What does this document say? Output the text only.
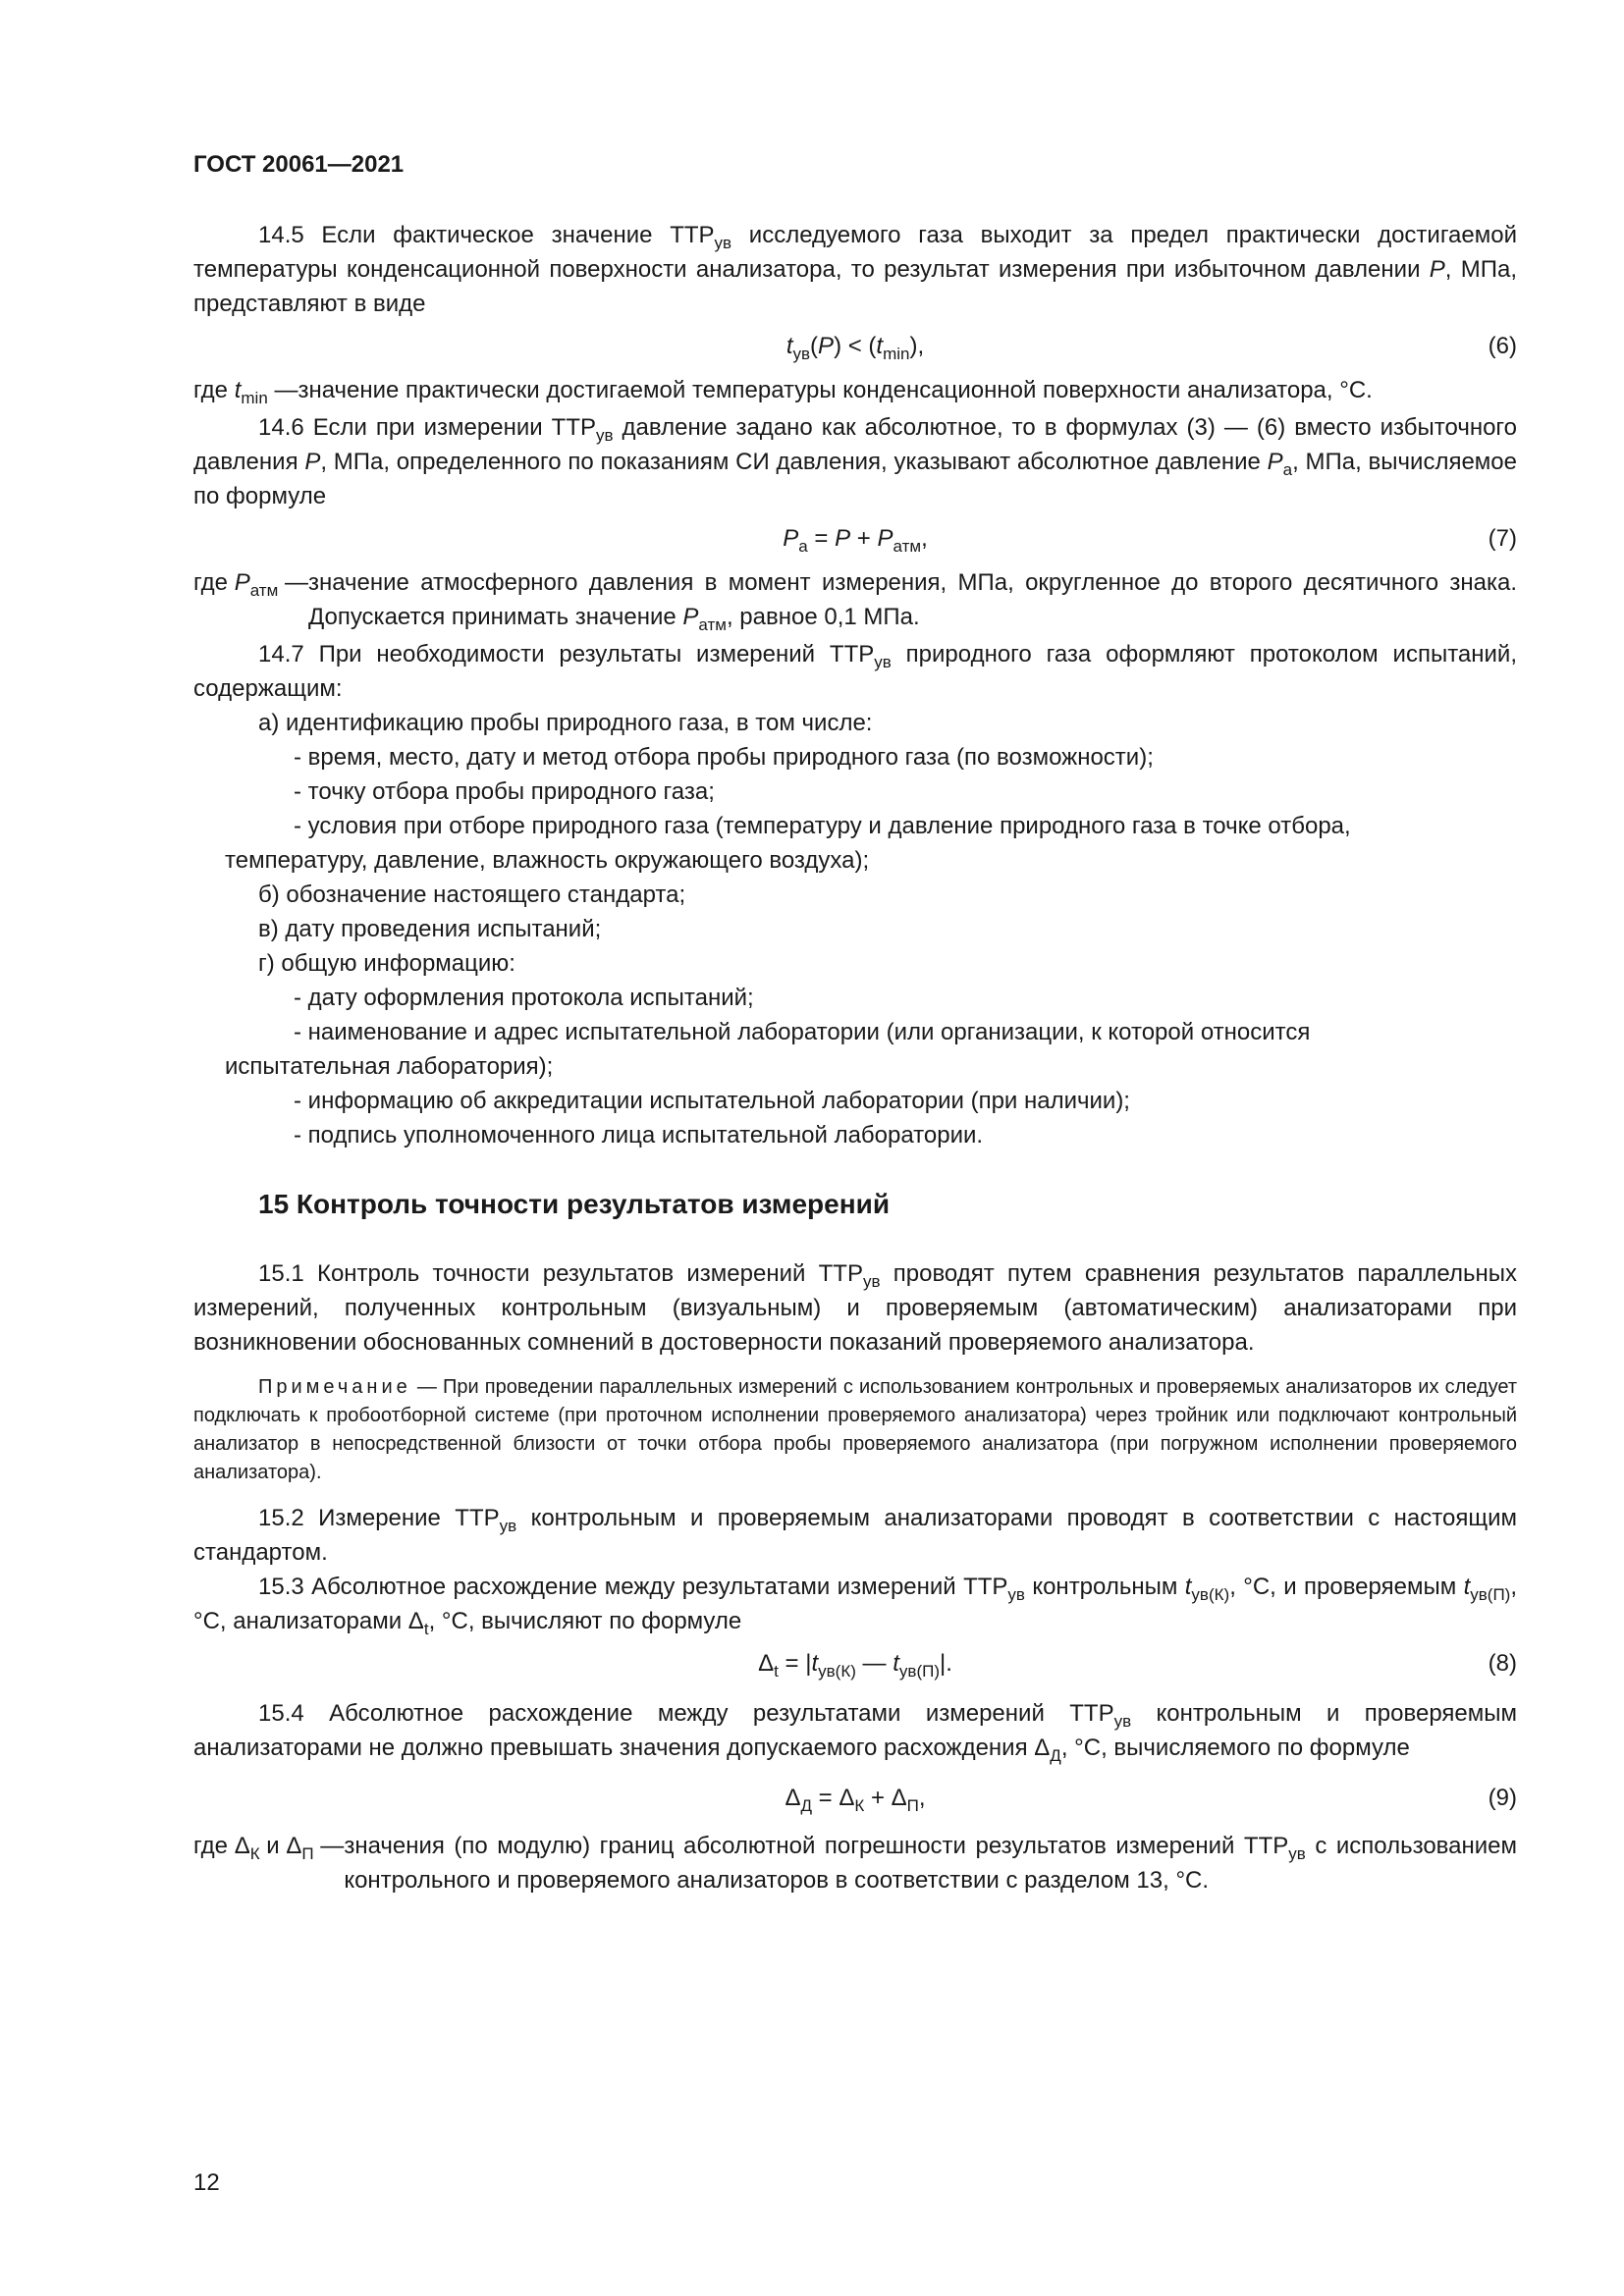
ГОСТ 20061—2021

14.5 Если фактическое значение $ТТР_{ув}$ исследуемого газа выходит за предел практически достигаемой температуры конденсационной поверхности анализатора, то результат измерения при избыточном давлении P, МПа, представляют в виде

$t_{ув}(P) < (t_{min})$,	(6)
где $t_{min}$ — значение практически достигаемой температуры конденсационной поверхности анализатора, °С.

14.6 Если при измерении $ТТР_{ув}$ давление задано как абсолютное, то в формулах (3) — (6) вместо избыточного давления P, МПа, определенного по показаниям СИ давления, указывают абсолютное давление $P_а$, МПа, вычисляемое по формуле

$P_а = P + P_{атм}$,	(7)
где $P_{атм}$ — значение атмосферного давления в момент измерения, МПа, округленное до второго десятичного знака. Допускается принимать значение $P_{атм}$, равное 0,1 МПа.

14.7 При необходимости результаты измерений $ТТР_{ув}$ природного газа оформляют протоколом испытаний, содержащим:

а) идентификацию пробы природного газа, в том числе:

- время, место, дату и метод отбора пробы природного газа (по возможности);

- точку отбора пробы природного газа;

- условия при отборе природного газа (температуру и давление природного газа в точке отбора,

температуру, давление, влажность окружающего воздуха);

б) обозначение настоящего стандарта;

в) дату проведения испытаний;

г) общую информацию:

- дату оформления протокола испытаний;

- наименование и адрес испытательной лаборатории (или организации, к которой относится

испытательная лаборатория);

- информацию об аккредитации испытательной лаборатории (при наличии);

- подпись уполномоченного лица испытательной лаборатории.

15 Контроль точности результатов измерений

15.1 Контроль точности результатов измерений $ТТР_{ув}$ проводят путем сравнения результатов параллельных измерений, полученных контрольным (визуальным) и проверяемым (автоматическим) анализаторами при возникновении обоснованных сомнений в достоверности показаний проверяемого анализатора.

Примечание — При проведении параллельных измерений с использованием контрольных и проверяемых анализаторов их следует подключать к пробоотборной системе (при проточном исполнении проверяемого анализатора) через тройник или подключают контрольный анализатор в непосредственной близости от точки отбора пробы проверяемого анализатора (при погружном исполнении проверяемого анализатора).

15.2 Измерение $ТТР_{ув}$ контрольным и проверяемым анализаторами проводят в соответствии с настоящим стандартом.

15.3 Абсолютное расхождение между результатами измерений $ТТР_{ув}$ контрольным $t_{ув(К)}$, °С, и проверяемым $t_{ув(П)}$, °С, анализаторами $\Delta_t$, °С, вычисляют по формуле

$\Delta_t = |t_{ув(К)}$ — $t_{ув(П)}|$.	(8)

15.4 Абсолютное расхождение между результатами измерений $ТТР_{ув}$ контрольным и проверяемым анализаторами не должно превышать значения допускаемого расхождения $\Delta_Д$, °С, вычисляемого по формуле

$\Delta_Д = \Delta_К + \Delta_П$,	(9)
где $\Delta_К$ и $\Delta_П$ — значения (по модулю) границ абсолютной погрешности результатов измерений $ТТР_{ув}$ с использованием контрольного и проверяемого анализаторов в соответствии с разделом 13, °С.
12
